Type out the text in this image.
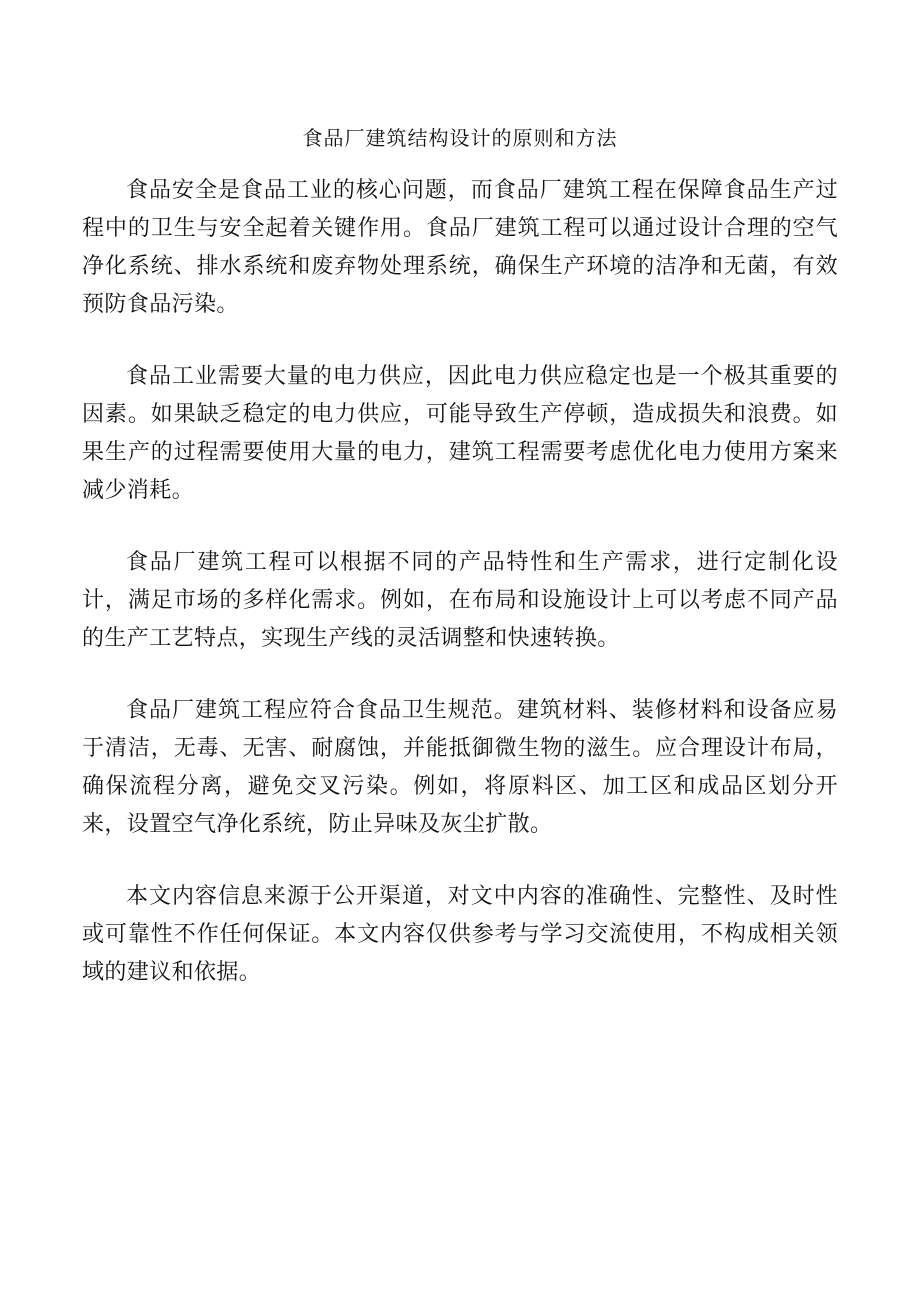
食品厂建筑结构设计的原则和方法

食品安全是食品工业的核心问题，而食品厂建筑工程在保障食品生产过程中的卫生与安全起着关键作用。食品厂建筑工程可以通过设计合理的空气净化系统、排水系统和废弃物处理系统，确保生产环境的洁净和无菌，有效预防食品污染。

食品工业需要大量的电力供应，因此电力供应稳定也是一个极其重要的因素。如果缺乏稳定的电力供应，可能导致生产停顿，造成损失和浪费。如果生产的过程需要使用大量的电力，建筑工程需要考虑优化电力使用方案来减少消耗。

食品厂建筑工程可以根据不同的产品特性和生产需求，进行定制化设计，满足市场的多样化需求。例如，在布局和设施设计上可以考虑不同产品的生产工艺特点，实现生产线的灵活调整和快速转换。

食品厂建筑工程应符合食品卫生规范。建筑材料、装修材料和设备应易于清洁，无毒、无害、耐腐蚀，并能抵御微生物的滋生。应合理设计布局，确保流程分离，避免交叉污染。例如，将原料区、加工区和成品区划分开来，设置空气净化系统，防止异味及灰尘扩散。

本文内容信息来源于公开渠道，对文中内容的准确性、完整性、及时性或可靠性不作任何保证。本文内容仅供参考与学习交流使用，不构成相关领域的建议和依据。
